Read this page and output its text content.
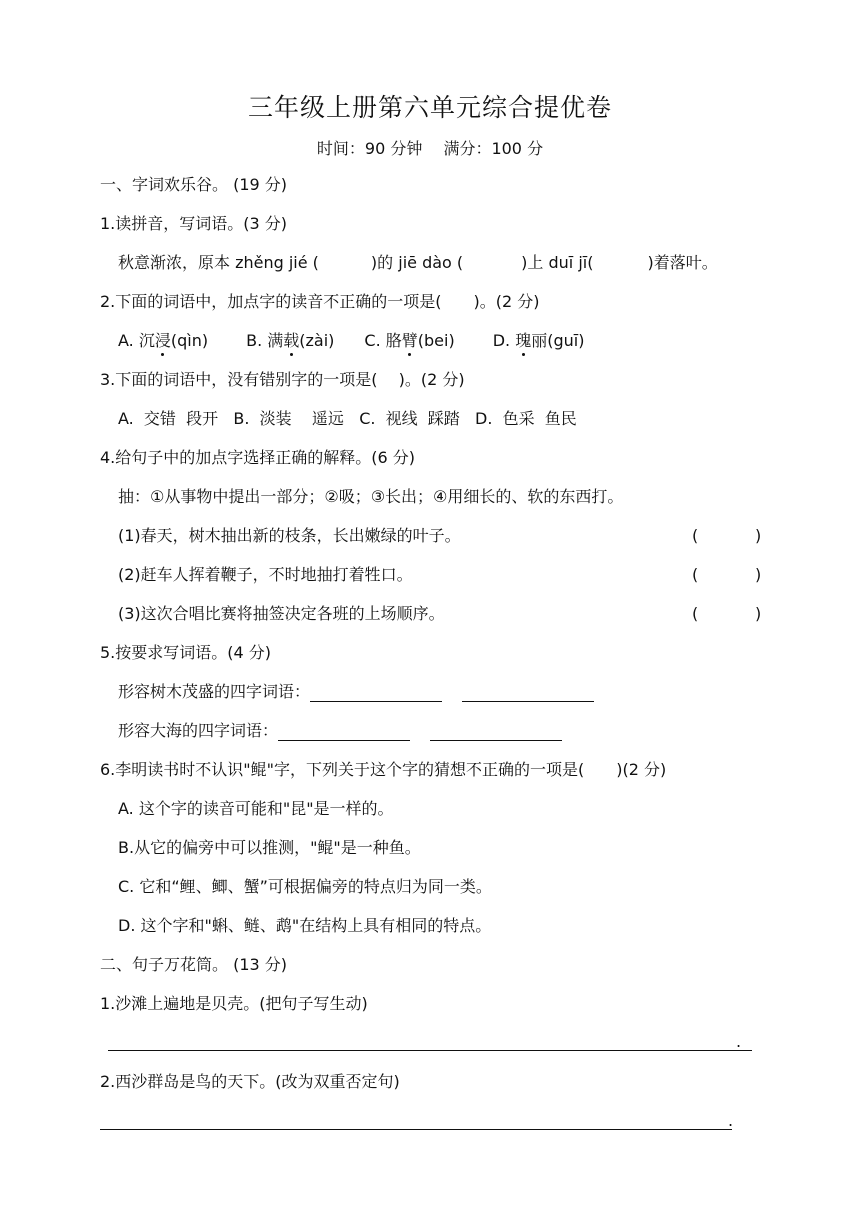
三年级上册第六单元综合提优卷
时间：90 分钟　 满分：100 分
一、字词欢乐谷。 (19 分)
1.读拼音，写词语。(3 分)
秋意渐浓，原本 zhěng jié (	)的 jiē dào (	)上 duī jī(	)着落叶。
2.下面的词语中，加点字的读音不正确的一项是(　　)。(2 分)
A. 沉浸(qìn) B. 满载(zài) C. 胳臂(bei) D. 瑰丽(guī)
3.下面的词语中，没有错别字的一项是(　 )。(2 分)
A.  交错  段开   B.  淡装    遥远   C.  视线  踩踏   D.  色采  鱼民
4.给句子中的加点字选择正确的解释。(6 分)
抽：①从事物中提出一部分；②吸；③长出；④用细长的、软的东西打。
(1)春天，树木抽出新的枝条，长出嫩绿的叶子。	(	)
(2)赶车人挥着鞭子，不时地抽打着牲口。	(	)
(3)这次合唱比赛将抽签决定各班的上场顺序。	(	)
5.按要求写词语。(4 分)
形容树木茂盛的四字词语：
形容大海的四字词语：
6.李明读书时不认识"鲲"字，下列关于这个字的猜想不正确的一项是(　　)(2 分)
A. 这个字的读音可能和"昆"是一样的。
B.从它的偏旁中可以推测，"鲲"是一种鱼。
C. 它和“鲤、鲫、蟹”可根据偏旁的特点归为同一类。
D. 这个字和"蝌、鲢、鹉"在结构上具有相同的特点。
二、句子万花筒。 (13 分)
1.沙滩上遍地是贝壳。(把句子写生动)
.
2.西沙群岛是鸟的天下。(改为双重否定句)
.
